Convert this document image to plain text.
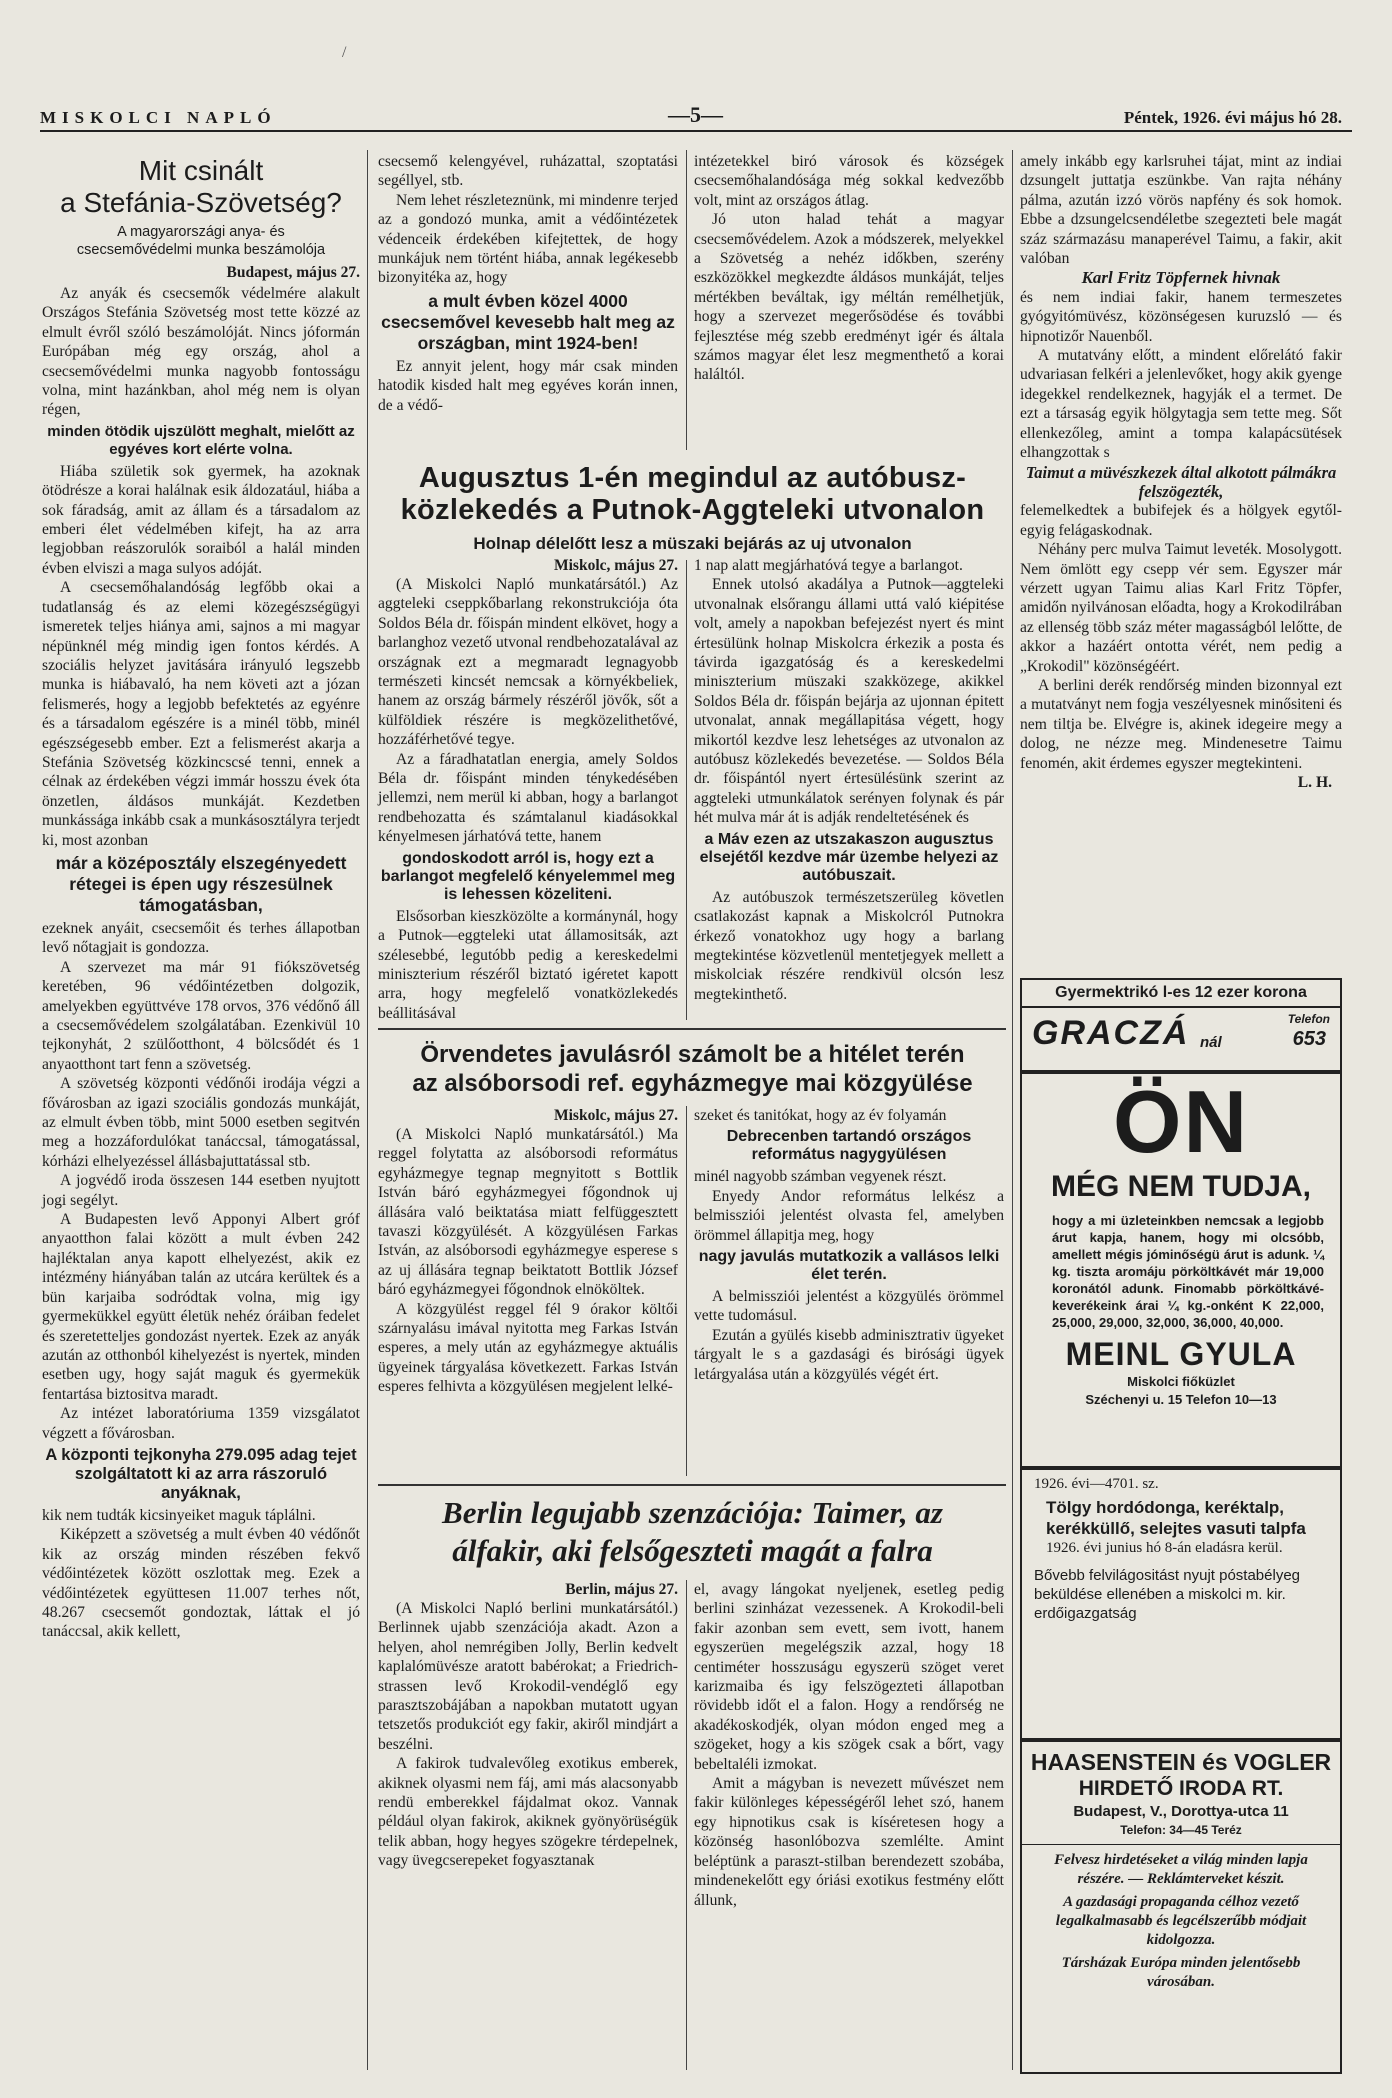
/
MISKOLCI NAPLÓ	—5—	Péntek, 1926. évi május hó 28.
Mit csinált
a Stefánia-Szövetség?
A magyarországi anya- és csecsemővédelmi munka beszámolója
Budapest, május 27.

Az anyák és csecsemők védelmére alakult Országos Stefánia Szövetség most tette közzé az elmult évről szóló beszámolóját. Nincs jóformán Európában még egy ország, ahol a csecsemővédelmi munka nagyobb fontosságu volna, mint hazánkban, ahol még nem is olyan régen,

minden ötödik ujszülött meghalt, mielőtt az egyéves kort elérte volna.

Hiába születik sok gyermek, ha azoknak ötödrésze a korai halálnak esik áldozatául, hiába a sok fáradság, amit az állam és a társadalom az emberi élet védelmében kifejt, ha az arra legjobban reászorulók soraiból a halál minden évben elviszi a maga sulyos adóját.

A csecsemőhalandóság legfőbb okai a tudatlanság és az elemi közegészségügyi ismeretek teljes hiánya ami, sajnos a mi magyar népünknél még mindig igen fontos kérdés. A szociális helyzet javitására irányuló legszebb munka is hiábavaló, ha nem követi azt a józan felismerés, hogy a legjobb befektetés az egyénre és a társadalom egészére is a minél több, minél egészségesebb ember. Ezt a felismerést akarja a Stefánia Szövetség közkincscsé tenni, ennek a célnak az érdekében végzi immár hosszu évek óta önzetlen, áldásos munkáját. Kezdetben munkássága inkább csak a munkásosztályra terjedt ki, most azonban

már a középosztály elszegényedett rétegei is épen ugy részesülnek támogatásban,

ezeknek anyáit, csecsemőit és terhes állapotban levő nőtagjait is gondozza.

A szervezet ma már 91 fiókszövetség keretében, 96 védőintézetben dolgozik, amelyekben együttvéve 178 orvos, 376 védőnő áll a csecsemővédelem szolgálatában. Ezenkivül 10 tejkonyhát, 2 szülőotthont, 4 bölcsődét és 1 anyaotthont tart fenn a szövetség.

A szövetség központi védőnői irodája végzi a fővárosban az igazi szociális gondozás munkáját, az elmult évben több, mint 5000 esetben segitvén meg a hozzáfordulókat tanáccsal, támogatással, kórházi elhelyezéssel állásbajuttatással stb.

A jogvédő iroda összesen 144 esetben nyujtott jogi segélyt.

A Budapesten levő Apponyi Albert gróf anyaotthon falai között a mult évben 242 hajléktalan anya kapott elhelyezést, akik ez intézmény hiányában talán az utcára kerültek és a bün karjaiba sodródtak volna, mig igy gyermekükkel együtt életük nehéz óráiban fedelet és szeretetteljes gondozást nyertek. Ezek az anyák azután az otthonból kihelyezést is nyertek, minden esetben ugy, hogy saját maguk és gyermekük fentartása biztositva maradt.

Az intézet laboratóriuma 1359 vizsgálatot végzett a fővárosban.

A központi tejkonyha 279.095 adag tejet szolgáltatott ki az arra rászoruló anyáknak,

kik nem tudták kicsinyeiket maguk táplálni.

Kiképzett a szövetség a mult évben 40 védőnőt kik az ország minden részében fekvő védőintézetek között oszlottak meg. Ezek a védőintézetek együttesen 11.007 terhes nőt, 48.267 csecsemőt gondoztak, láttak el jó tanáccsal, akik kellett,

csecsemő kelengyével, ruházattal, szoptatási segéllyel, stb.

Nem lehet részleteznünk, mi mindenre terjed az a gondozó munka, amit a védőintézetek védenceik érdekében kifejtettek, de hogy munkájuk nem történt hiába, annak legékesebb bizonyitéka az, hogy

a mult évben közel 4000 csecsemővel kevesebb halt meg az országban, mint 1924-ben!

Ez annyit jelent, hogy már csak minden hatodik kisded halt meg egyéves korán innen, de a védő-

intézetekkel biró városok és községek csecsemőhalandósága még sokkal kedvezőbb volt, mint az országos átlag.

Jó uton halad tehát a magyar csecsemővédelem. Azok a módszerek, melyekkel a Szövetség a nehéz időkben, szerény eszközökkel megkezdte áldásos munkáját, teljes mértékben beváltak, igy méltán remélhetjük, hogy a szervezet megerősödése és további fejlesztése még szebb eredményt igér és általa számos magyar élet lesz megmenthető a korai haláltól.

Augusztus 1-én megindul az autóbusz-
közlekedés a Putnok-Aggteleki utvonalon
Holnap délelőtt lesz a müszaki bejárás az uj utvonalon
Miskolc, május 27.

(A Miskolci Napló munkatársától.) Az aggteleki cseppkőbarlang rekonstrukciója óta Soldos Béla dr. főispán mindent elkövet, hogy a barlanghoz vezető utvonal rendbehozatalával az országnak ezt a megmaradt legnagyobb természeti kincsét nemcsak a környékbeliek, hanem az ország bármely részéről jövők, sőt a külföldiek részére is megközelithetővé, hozzáférhetővé tegye.

Az a fáradhatatlan energia, amely Soldos Béla dr. főispánt minden ténykedésében jellemzi, nem merül ki abban, hogy a barlangot rendbehozatta és számtalanul kiadásokkal kényelmesen járhatóvá tette, hanem

gondoskodott arról is, hogy ezt a barlangot megfelelő kényelemmel meg is lehessen közeliteni.

Elsősorban kieszközölte a kormánynál, hogy a Putnok—eggteleki utat államositsák, azt szélesebbé, legutóbb pedig a kereskedelmi miniszterium részéről biztató igéretet kapott arra, hogy megfelelő vonatközlekedés beállitásával

1 nap alatt megjárhatóvá tegye a barlangot.

Ennek utolsó akadálya a Putnok—aggteleki utvonalnak elsőrangu állami uttá való kiépitése volt, amely a napokban befejezést nyert és mint értesülünk holnap Miskolcra érkezik a posta és távirda igazgatóság és a kereskedelmi miniszterium müszaki szakközege, akikkel Soldos Béla dr. főispán bejárja az ujonnan épitett utvonalat, annak megállapitása végett, hogy mikortól kezdve lesz lehetséges az utvonalon az autóbusz közlekedés bevezetése. — Soldos Béla dr. főispántól nyert értesülésünk szerint az aggteleki utmunkálatok serényen folynak és pár hét mulva már át is adják rendeltetésének és

a Máv ezen az utszakaszon augusztus elsejétől kezdve már üzembe helyezi az autóbuszait.

Az autóbuszok természetszerüleg követlen csatlakozást kapnak a Miskolcról Putnokra érkező vonatokhoz ugy hogy a barlang megtekintése közvetlenül mentetjegyek mellett a miskolciak részére rendkivül olcsón lesz megtekinthető.

Örvendetes javulásról számolt be a hitélet terén
az alsóborsodi ref. egyházmegye mai közgyülése
Miskolc, május 27.

(A Miskolci Napló munkatársától.) Ma reggel folytatta az alsóborsodi református egyházmegye tegnap megnyitott s Bottlik István báró egyházmegyei főgondnok uj állására való beiktatása miatt felfüggesztett tavaszi közgyülését. A közgyülésen Farkas István, az alsóborsodi egyházmegye esperese s az uj állására tegnap beiktatott Bottlik József báró egyházmegyei főgondnok elnököltek.

A közgyülést reggel fél 9 órakor költői szárnyalásu imával nyitotta meg Farkas István esperes, a mely után az egyházmegye aktuális ügyeinek tárgyalása következett. Farkas István esperes felhivta a közgyülésen megjelent lelké-

szeket és tanitókat, hogy az év folyamán

Debrecenben tartandó országos református nagygyülésen

minél nagyobb számban vegyenek részt.

Enyedy Andor református lelkész a belmissziói jelentést olvasta fel, amelyben örömmel állapitja meg, hogy

nagy javulás mutatkozik a vallásos lelki élet terén.

A belmissziói jelentést a közgyülés örömmel vette tudomásul.

Ezután a gyülés kisebb adminisztrativ ügyeket tárgyalt le s a gazdasági és birósági ügyek letárgyalása után a közgyülés végét ért.

Berlin legujabb szenzációja: Taimer, az
álfakir, aki felsőgeszteti magát a falra
Berlin, május 27.

(A Miskolci Napló berlini munkatársától.) Berlinnek ujabb szenzációja akadt. Azon a helyen, ahol nemrégiben Jolly, Berlin kedvelt kaplalómüvésze aratott babérokat; a Friedrich-strassen levő Krokodil-vendéglő egy parasztszobájában a napokban mutatott ugyan tetszetős produkciót egy fakir, akiről mindjárt a beszélni.

A fakirok tudvalevőleg exotikus emberek, akiknek olyasmi nem fáj, ami más alacsonyabb rendü emberekkel fájdalmat okoz. Vannak például olyan fakirok, akiknek gyönyörüségük telik abban, hogy hegyes szögekre térdepelnek, vagy üvegcserepeket fogyasztanak

el, avagy lángokat nyeljenek, esetleg pedig berlini szinházat vezessenek. A Krokodil-beli fakir azonban sem evett, sem ivott, hanem egyszerüen megelégszik azzal, hogy 18 centiméter hosszuságu egyszerü szöget veret karizmaiba és igy felszögezteti állapotban rövidebb időt el a falon. Hogy a rendőrség ne akadékoskodjék, olyan módon enged meg a szögeket, hogy a kis szögek csak a bőrt, vagy bebeltaléli izmokat.

Amit a mágyban is nevezett művészet nem fakir különleges képességéről lehet szó, hanem egy hipnotikus csak is kíséretesen hogy a közönség hasonlóbozva szemlélte. Amint beléptünk a paraszt-stilban berendezett szobába, mindenekelőtt egy óriási exotikus festmény előtt állunk,

amely inkább egy karlsruhei tájat, mint az indiai dzsungelt juttatja eszünkbe. Van rajta néhány pálma, azután izzó vörös napfény és sok homok. Ebbe a dzsungelcsendéletbe szegezteti bele magát száz származásu manaperével Taimu, a fakir, akit valóban

Karl Fritz Töpfernek hivnak

és nem indiai fakir, hanem termeszetes gyógyitómüvész, közönségesen kuruzsló — és hipnotizőr Nauenből.

A mutatvány előtt, a mindent előrelátó fakir udvariasan felkéri a jelenlevőket, hogy akik gyenge idegekkel rendelkeznek, hagyják el a termet. De ezt a társaság egyik hölgytagja sem tette meg. Sőt ellenkezőleg, amint a tompa kalapácsütések elhangzottak s

Taimut a müvészkezek által alkotott pálmákra felszögezték,

felemelkedtek a bubifejek és a hölgyek egytől-egyig felágaskodnak.

Néhány perc mulva Taimut leveték. Mosolygott. Nem ömlött egy csepp vér sem. Egyszer már vérzett ugyan Taimu alias Karl Fritz Töpfer, amidőn nyilvánosan előadta, hogy a Krokodilrában az ellenség több száz méter magasságból lelőtte, de akkor a hazáért ontotta vérét, nem pedig a „Krokodil" közönségéért.

A berlini derék rendőrség minden bizonnyal ezt a mutatványt nem fogja veszélyesnek minősiteni és nem tiltja be. Elvégre is, akinek idegeire megy a dolog, ne nézze meg. Mindenesetre Taimu fenomén, akit érdemes egyszer megtekinteni.

L. H.

Gyermektrikó l-es 12 ezer korona
GRACZÁ nál
Telefon
653
ÖN
MÉG NEM TUDJA,
hogy a mi üzleteinkben nemcsak a legjobb árut kapja, hanem, hogy mi olcsóbb, amellett mégis jóminőségü árut is adunk. ¼ kg. tiszta aromáju pörköltkávét már 19,000 koronától adunk. Finomabb pörköltkávé-keverékeink árai ¼ kg.-onként K 22,000, 25,000, 29,000, 32,000, 36,000, 40,000.
MEINL GYULA
Miskolci fiőküzlet
Széchenyi u. 15 Telefon 10—13
1926. évi—4701. sz.
Tölgy hordódonga, keréktalp, kerékküllő, selejtes vasuti talpfa
1926. évi junius hó 8-án eladásra kerül.
Bővebb felvilágositást nyujt póstabélyeg beküldése ellenében a miskolci m. kir. erdőigazgatság
HAASENSTEIN és VOGLER
HIRDETŐ IRODA RT.
Budapest, V., Dorottya-utca 11
Telefon: 34—45 Teréz
Felvesz hirdetéseket a világ minden lapja részére. — Reklámterveket készit.
A gazdasági propaganda célhoz vezető legalkalmasabb és legcélszerűbb módjait kidolgozza.
Társházak Európa minden jelentősebb városában.
